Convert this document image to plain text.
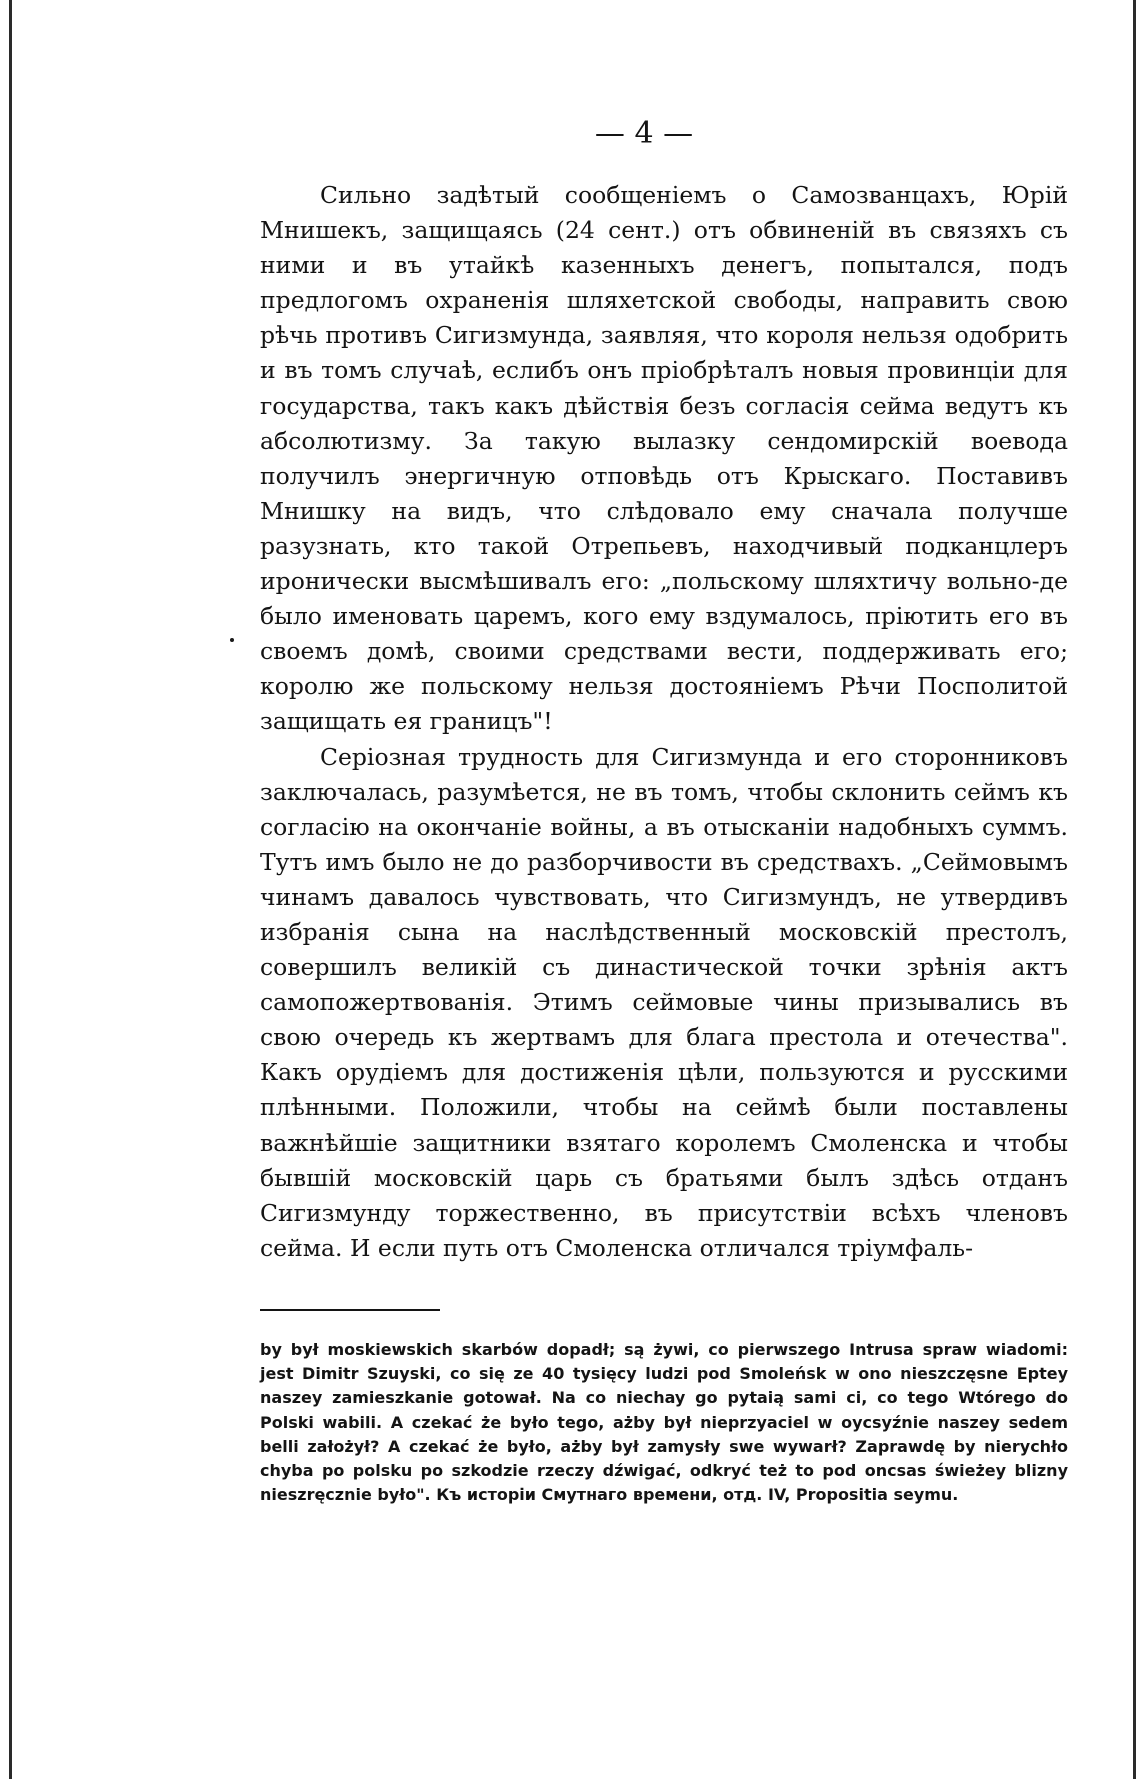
— 4 —

Сильно задѣтый сообщеніемъ о Самозванцахъ, Юрій Мнишекъ, защищаясь (24 сент.) отъ обвиненій въ связяхъ съ ними и въ утайкѣ казенныхъ денегъ, попытался, подъ предлогомъ охраненія шляхетской свободы, направить свою рѣчь противъ Сигизмунда, заявляя, что короля нельзя одобрить и въ томъ случаѣ, еслибъ онъ пріобрѣталъ новыя провинціи для государства, такъ какъ дѣйствія безъ согласія сейма ведутъ къ абсолютизму. За такую вылазку сендомирскій воевода получилъ энергичную отповѣдь отъ Крыскаго. Поставивъ Мнишку на видъ, что слѣдовало ему сначала получше разузнать, кто такой Отрепьевъ, находчивый подканцлеръ иронически высмѣшивалъ его: „польскому шляхтичу вольно-де было именовать царемъ, кого ему вздумалось, пріютить его въ своемъ домѣ, своими средствами вести, поддерживать его; королю же польскому нельзя достояніемъ Рѣчи Посполитой защищать ея границъ"!

Серіозная трудность для Сигизмунда и его сторонниковъ заключалась, разумѣется, не въ томъ, чтобы склонить сеймъ къ согласію на окончаніе войны, а въ отысканіи надобныхъ суммъ. Тутъ имъ было не до разборчивости въ средствахъ. „Сеймовымъ чинамъ давалось чувствовать, что Сигизмундъ, не утвердивъ избранія сына на наслѣдственный московскій престолъ, совершилъ великій съ династической точки зрѣнія актъ самопожертвованія. Этимъ сеймовые чины призывались въ свою очередь къ жертвамъ для блага престола и отечества". Какъ орудіемъ для достиженія цѣли, пользуются и русскими плѣнными. Положили, чтобы на сеймѣ были поставлены важнѣйшіе защитники взятаго королемъ Смоленска и чтобы бывшій московскій царь съ братьями былъ здѣсь отданъ Сигизмунду торжественно, въ присутствіи всѣхъ членовъ сейма. И если путь отъ Смоленска отличался тріумфаль-

by był moskiewskich skarbów dopadł; są żywi, co pierwszego Intrusa spraw wiadomi: jest Dimitr Szuyski, co się ze 40 tysięcy ludzi pod Smoleńsk w ono nieszczęsne Eptey naszey zamieszkanie gotował. Na co niechay go pytaią sami ci, co tego Wtórego do Polski wabili. A czekać że było tego, ażby był nieprzyaciel w oycsyźnie naszey sedem belli założył? A czekać że było, ażby był zamysły swe wywarł? Zaprawdę by nierychło chyba po polsku po szkodzie rzeczy dźwigać, odkryć też to pod oncsas świeżey blizny nieszręcznie było". Къ исторіи Смутнаго времени, отд. IV, Propositia seymu.
